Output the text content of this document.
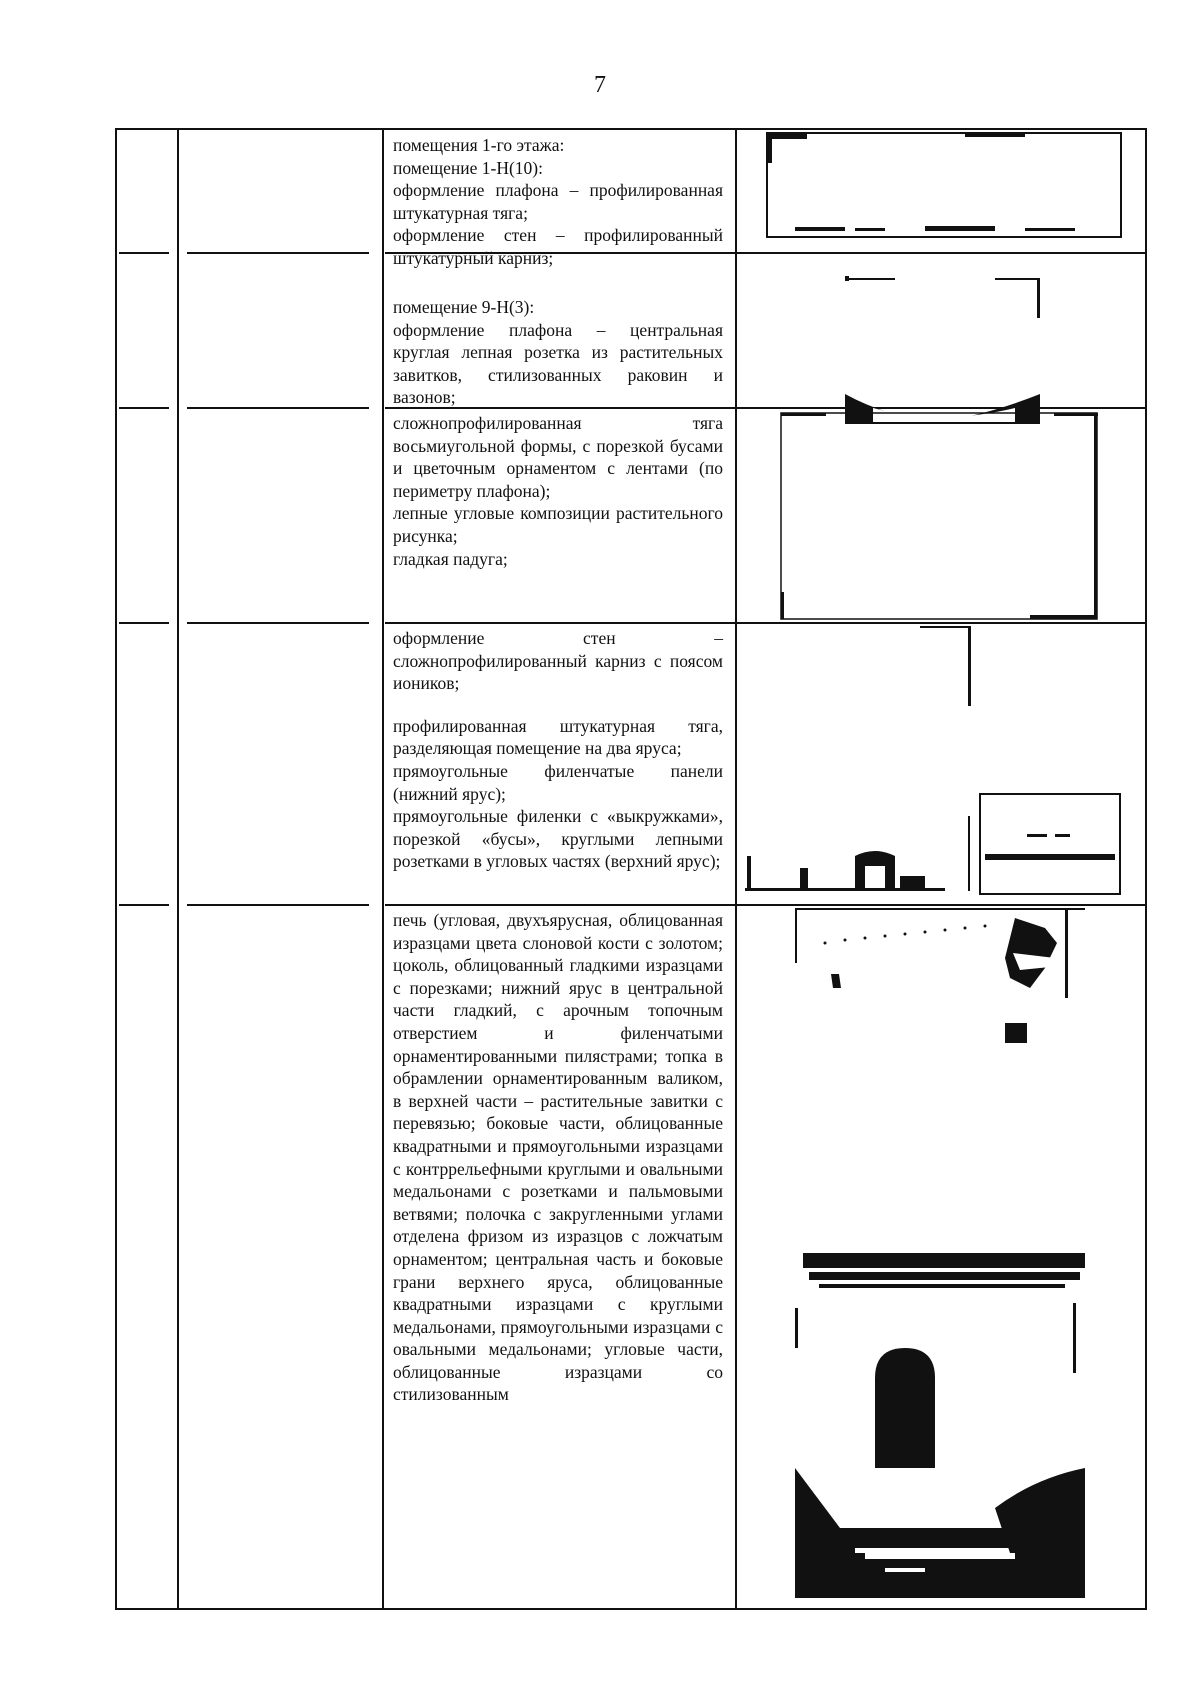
7

помещения 1-го этажа:

помещение 1-Н(10):

оформление плафона – профилированная штукатурная тяга;

оформление стен – профилированный штукатурный карниз;

помещение 9-Н(3):

оформление плафона – центральная круглая лепная розетка из растительных завитков, стилизованных раковин и вазонов;

сложнопрофилированная тяга восьмиугольной формы, с порезкой бусами и цветочным орнаментом с лентами (по периметру плафона);

лепные угловые композиции растительного рисунка;

гладкая падуга;

оформление стен – сложнопрофилированный карниз с поясом иоников;

профилированная штукатурная тяга, разделяющая помещение на два яруса;

прямоугольные филенчатые панели (нижний ярус);

прямоугольные филенки с «выкружками», порезкой «бусы», круглыми лепными розетками в угловых частях (верхний ярус);

печь (угловая, двухъярусная, облицованная изразцами цвета слоновой кости с золотом; цоколь, облицованный гладкими изразцами с порезками; нижний ярус в центральной части гладкий, с арочным топочным отверстием и филенчатыми орнаментированными пилястрами; топка в обрамлении орнаментированным валиком, в верхней части – растительные завитки с перевязью; боковые части, облицованные квадратными и прямоугольными изразцами с контррельефными круглыми и овальными медальонами с розетками и пальмовыми ветвями; полочка с закругленными углами отделена фризом из изразцов с ложчатым орнаментом; центральная часть и боковые грани верхнего яруса, облицованные квадратными изразцами с круглыми медальонами, прямоугольными изразцами с овальными медальонами; угловые части, облицованные изразцами со стилизованным
